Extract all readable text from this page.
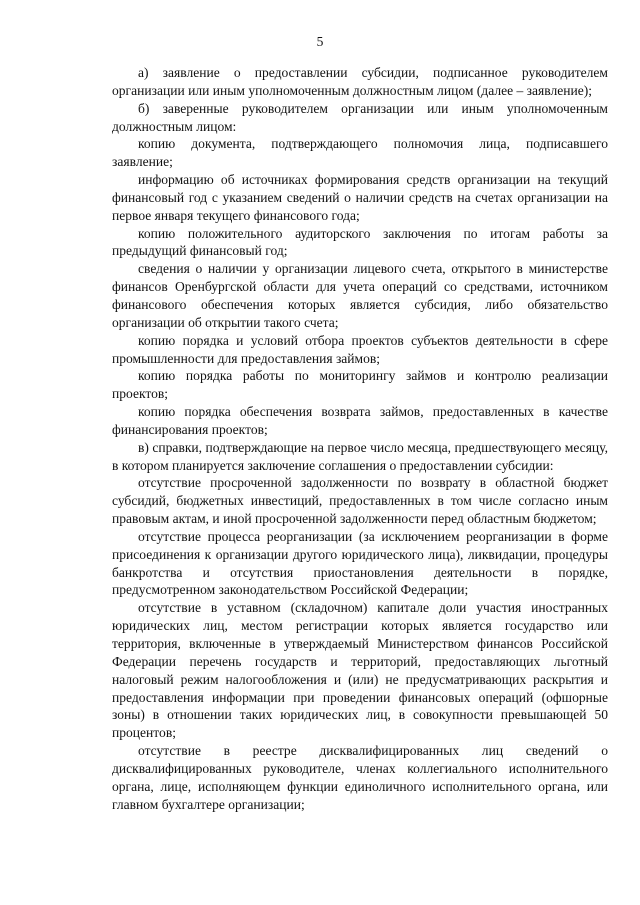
5

а) заявление о предоставлении субсидии, подписанное руководителем организации или иным уполномоченным должностным лицом (далее – заявление);

б) заверенные руководителем организации или иным уполномоченным должностным лицом:

копию документа, подтверждающего полномочия лица, подписавшего заявление;

информацию об источниках формирования средств организации на текущий финансовый год с указанием сведений о наличии средств на счетах организации на первое января текущего финансового года;

копию положительного аудиторского заключения по итогам работы за предыдущий финансовый год;

сведения о наличии у организации лицевого счета, открытого в министерстве финансов Оренбургской области для учета операций со средствами, источником финансового обеспечения которых является субсидия, либо обязательство организации об открытии такого счета;

копию порядка и условий отбора проектов субъектов деятельности в сфере промышленности для предоставления займов;

копию порядка работы по мониторингу займов и контролю реализации проектов;

копию порядка обеспечения возврата займов, предоставленных в качестве финансирования проектов;

в) справки, подтверждающие на первое число месяца, предшествующего месяцу, в котором планируется заключение соглашения о предоставлении субсидии:

отсутствие просроченной задолженности по возврату в областной бюджет субсидий, бюджетных инвестиций, предоставленных в том числе согласно иным правовым актам, и иной просроченной задолженности перед областным бюджетом;

отсутствие процесса реорганизации (за исключением реорганизации в форме присоединения к организации другого юридического лица), ликвидации, процедуры банкротства и отсутствия приостановления деятельности в порядке, предусмотренном законодательством Российской Федерации;

отсутствие в уставном (складочном) капитале доли участия иностранных юридических лиц, местом регистрации которых является государство или территория, включенные в утверждаемый Министерством финансов Российской Федерации перечень государств и территорий, предоставляющих льготный налоговый режим налогообложения и (или) не предусматривающих раскрытия и предоставления информации при проведении финансовых операций (офшорные зоны) в отношении таких юридических лиц, в совокупности превышающей 50 процентов;

отсутствие в реестре дисквалифицированных лиц сведений о дисквалифицированных руководителе, членах коллегиального исполнительного органа, лице, исполняющем функции единоличного исполнительного органа, или главном бухгалтере организации;
